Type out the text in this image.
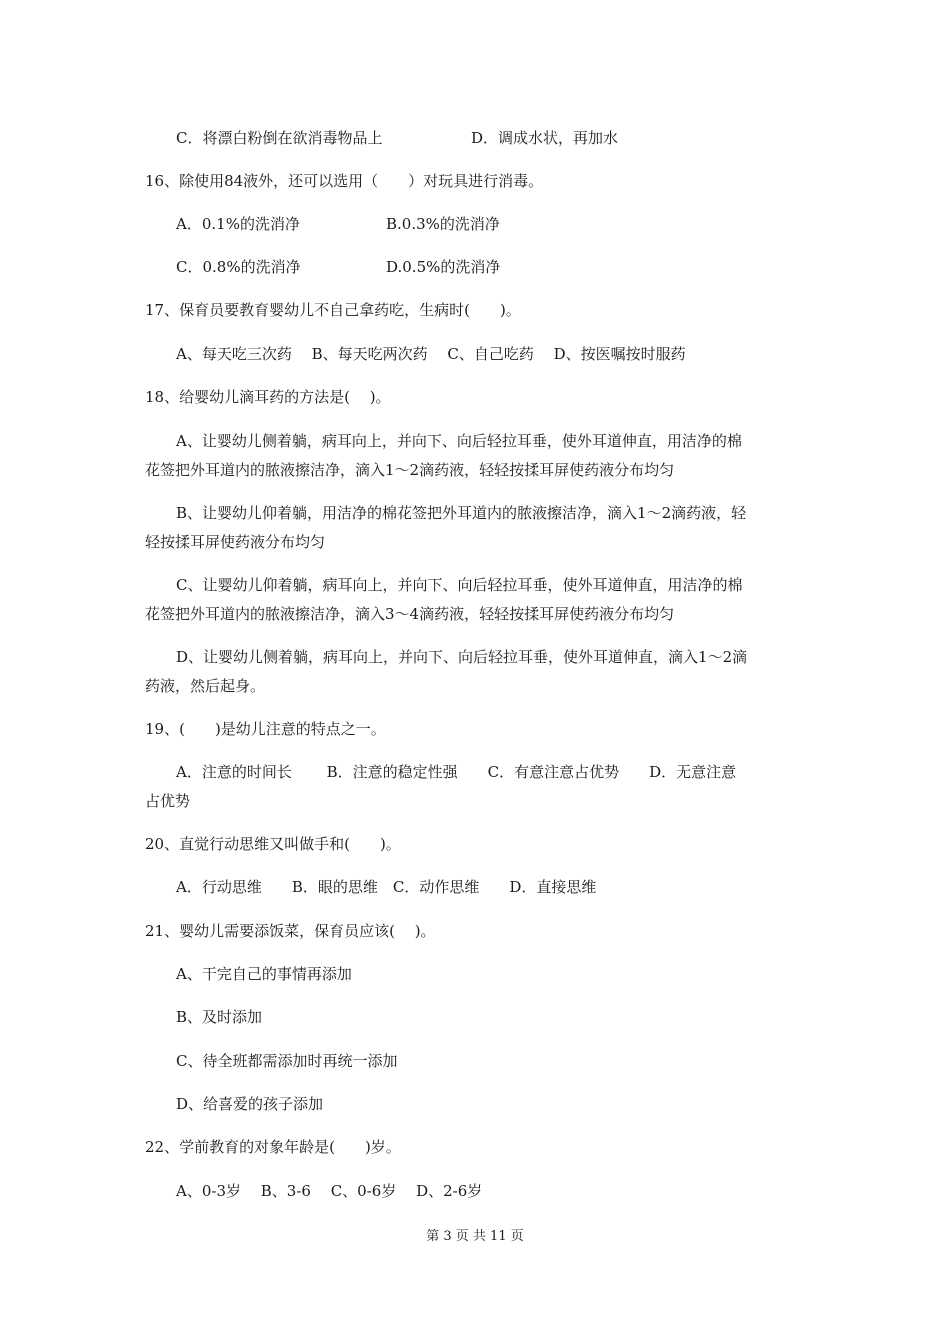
C．将漂白粉倒在欲消毒物品上	D．调成水状，再加水
16、除使用84液外，还可以选用（　　）对玩具进行消毒。
A．0.1%的洗消净	B.0.3%的洗消净
C．0.8%的洗消净	D.0.5%的洗消净
17、保育员要教育婴幼儿不自己拿药吃，生病时(　　)。
A、每天吃三次药　 B、每天吃两次药　 C、自己吃药　 D、按医嘱按时服药
18、给婴幼儿滴耳药的方法是(　 )。
A、让婴幼儿侧着躺，病耳向上，并向下、向后轻拉耳垂，使外耳道伸直，用洁净的棉
花签把外耳道内的脓液擦洁净，滴入1～2滴药液，轻轻按揉耳屏使药液分布均匀
B、让婴幼儿仰着躺，用洁净的棉花签把外耳道内的脓液擦洁净，滴入1～2滴药液，轻
轻按揉耳屏使药液分布均匀
C、让婴幼儿仰着躺，病耳向上，并向下、向后轻拉耳垂，使外耳道伸直，用洁净的棉
花签把外耳道内的脓液擦洁净，滴入3～4滴药液，轻轻按揉耳屏使药液分布均匀
D、让婴幼儿侧着躺，病耳向上，并向下、向后轻拉耳垂，使外耳道伸直，滴入1～2滴
药液，然后起身。
19、(　　)是幼儿注意的特点之一。
A．注意的时间长　　 B．注意的稳定性强　　C．有意注意占优势　　D．无意注意
占优势
20、直觉行动思维又叫做手和(　　)。
A．行动思维　　B．眼的思维　C．动作思维　　D．直接思维
21、婴幼儿需要添饭菜，保育员应该(　 )。
A、干完自己的事情再添加
B、及时添加
C、待全班都需添加时再统一添加
D、给喜爱的孩子添加
22、学前教育的对象年龄是(　　)岁。
A、0-3岁　 B、3-6　 C、0-6岁　 D、2-6岁
第 3 页 共 11 页
